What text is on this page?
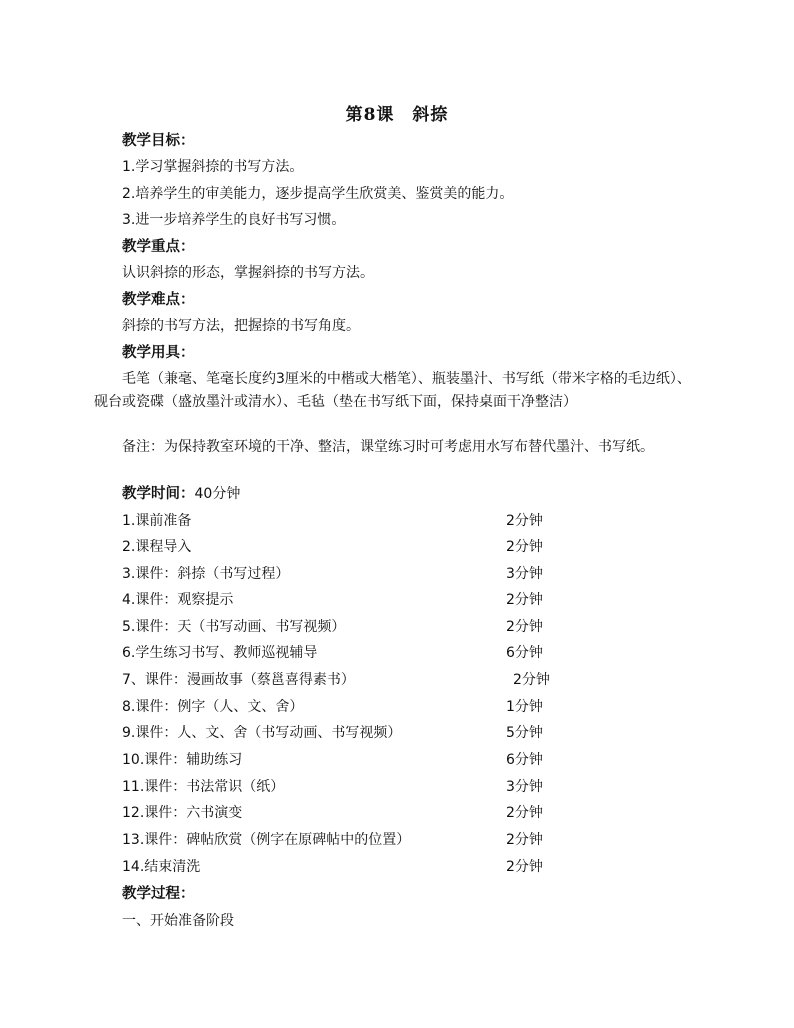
第8课　斜捺
教学目标：
1.学习掌握斜捺的书写方法。
2.培养学生的审美能力，逐步提高学生欣赏美、鉴赏美的能力。
3.进一步培养学生的良好书写习惯。
教学重点：
认识斜捺的形态，掌握斜捺的书写方法。
教学难点：
斜捺的书写方法，把握捺的书写角度。
教学用具：
毛笔（兼毫、笔毫长度约3厘米的中楷或大楷笔）、瓶装墨汁、书写纸（带米字格的毛边纸）、砚台或瓷碟（盛放墨汁或清水）、毛毡（垫在书写纸下面，保持桌面干净整洁）
备注：为保持教室环境的干净、整洁，课堂练习时可考虑用水写布替代墨汁、书写纸。
教学时间：40分钟
1.课前准备	2分钟
2.课程导入	2分钟
3.课件：斜捺（书写过程）	3分钟
4.课件：观察提示	2分钟
5.课件：天（书写动画、书写视频）	2分钟
6.学生练习书写、教师巡视辅导	6分钟
7、课件：漫画故事（蔡邕喜得素书）	2分钟
8.课件：例字（人、文、舍）	1分钟
9.课件：人、文、舍（书写动画、书写视频）	5分钟
10.课件：辅助练习	6分钟
11.课件：书法常识（纸）	3分钟
12.课件：六书演变	2分钟
13.课件：碑帖欣赏（例字在原碑帖中的位置）	2分钟
14.结束清洗	2分钟
教学过程：
一、开始准备阶段
